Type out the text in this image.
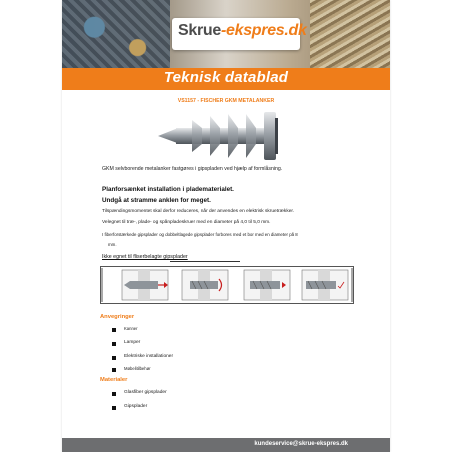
Skrue-ekspres.dk
Teknisk datablad
VS1157 - FISCHER GKM METALANKER
GKM selvborende metalanker fastgøres i gipspladen ved hjælp af formlåsning.
Planforsænket installation i pladematerialet.
Undgå at stramme anklen for meget.
Tilspændingsmomentet skal derfor reduceres, når der anvendes en elektrisk skruetrækker.
Velegnet til træ-, plade- og spånpladeskruer med en diameter på 4,0 til 5,0 mm.
I fiberforstærkede gipsplader og dobbeltlagede gipsplader forbores med et bor med en diameter på 8
mm.
Ikke egnet til fliserbelagte gipsplader
Anvegringer
Kanner
Lamper
Elektriske installationer
Møbelitilbehør
Materialer
Glasfiber gipsplader
Gipsplader
kundeservice@skrue-ekspres.dk
